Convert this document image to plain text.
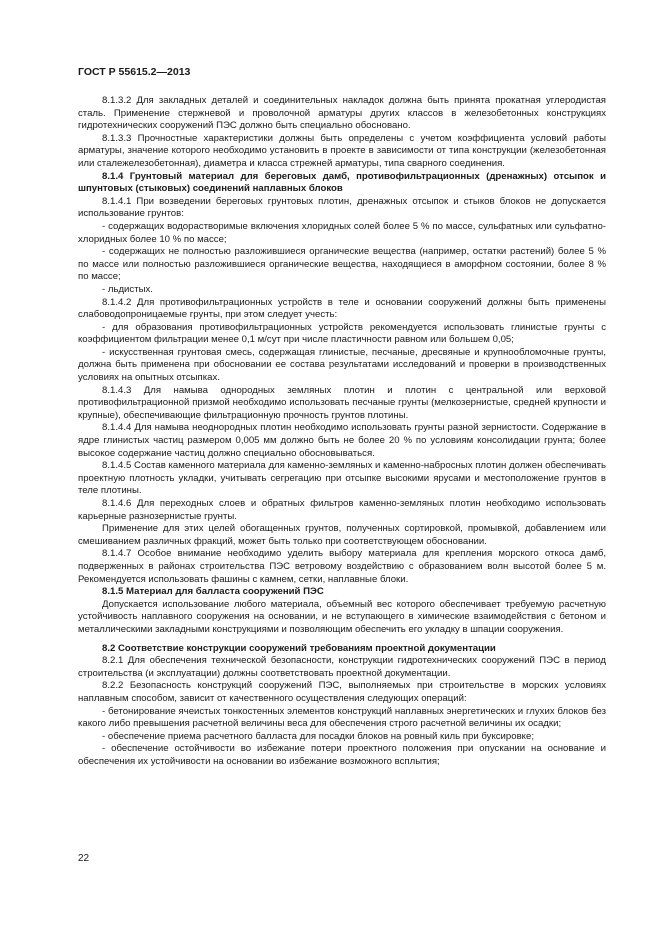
ГОСТ Р 55615.2—2013

8.1.3.2 Для закладных деталей и соединительных накладок должна быть принята прокатная углеродистая сталь. Применение стержневой и проволочной арматуры других классов в железобетонных конструкциях гидротехнических сооружений ПЭС должно быть специально обосновано.

8.1.3.3 Прочностные характеристики должны быть определены с учетом коэффициента условий работы арматуры, значение которого необходимо установить в проекте в зависимости от типа конструкции (железобетонная или сталежелезобетонная), диаметра и класса стрежней арматуры, типа сварного соединения.

8.1.4 Грунтовый материал для береговых дамб, противофильтрационных (дренажных) отсыпок и шпунтовых (стыковых) соединений наплавных блоков

8.1.4.1 При возведении береговых грунтовых плотин, дренажных отсыпок и стыков блоков не допускается использование грунтов:

- содержащих водорастворимые включения хлоридных солей более 5 % по массе, сульфатных или сульфатно-хлоридных более 10 % по массе;

- содержащих не полностью разложившиеся органические вещества (например, остатки растений) более 5 % по массе или полностью разложившиеся органические вещества, находящиеся в аморфном состоянии, более 8 % по массе;

- льдистых.

8.1.4.2 Для противофильтрационных устройств в теле и основании сооружений должны быть применены слабоводопроницаемые грунты, при этом следует учесть:

- для образования противофильтрационных устройств рекомендуется использовать глинистые грунты с коэффициентом фильтрации менее 0,1 м/сут при числе пластичности равном или большем 0,05;

- искусственная грунтовая смесь, содержащая глинистые, песчаные, дресвяные и крупнообломочные грунты, должна быть применена при обосновании ее состава результатами исследований и проверки в производственных условиях на опытных отсыпках.

8.1.4.3 Для намыва однородных земляных плотин и плотин с центральной или верховой противофильтрационной призмой необходимо использовать песчаные грунты (мелкозернистые, средней крупности и крупные), обеспечивающие фильтрационную прочность грунтов плотины.

8.1.4.4 Для намыва неоднородных плотин необходимо использовать грунты разной зернистости. Содержание в ядре глинистых частиц размером 0,005 мм должно быть не более 20 % по условиям консолидации грунта; более высокое содержание частиц должно специально обосновываться.

8.1.4.5 Состав каменного материала для каменно-земляных и каменно-набросных плотин должен обеспечивать проектную плотность укладки, учитывать сегрегацию при отсыпке высокими ярусами и местоположение грунтов в теле плотины.

8.1.4.6 Для переходных слоев и обратных фильтров каменно-земляных плотин необходимо использовать карьерные разнозернистые грунты.

Применение для этих целей обогащенных грунтов, полученных сортировкой, промывкой, добавлением или смешиванием различных фракций, может быть только при соответствующем обосновании.

8.1.4.7 Особое внимание необходимо уделить выбору материала для крепления морского откоса дамб, подверженных в районах строительства ПЭС ветровому воздействию с образованием волн высотой более 5 м. Рекомендуется использовать фашины с камнем, сетки, наплавные блоки.

8.1.5 Материал для балласта сооружений ПЭС

Допускается использование любого материала, объемный вес которого обеспечивает требуемую расчетную устойчивость наплавного сооружения на основании, и не вступающего в химические взаимодействия с бетоном и металлическими закладными конструкциями и позволяющим обеспечить его укладку в шпации сооружения.

8.2 Соответствие конструкции сооружений требованиям проектной документации

8.2.1 Для обеспечения технической безопасности, конструкции гидротехнических сооружений ПЭС в период строительства (и эксплуатации) должны соответствовать проектной документации.

8.2.2 Безопасность конструкций сооружений ПЭС, выполняемых при строительстве в морских условиях наплавным способом, зависит от качественного осуществления следующих операций:

- бетонирование ячеистых тонкостенных элементов конструкций наплавных энергетических и глухих блоков без какого либо превышения расчетной величины веса для обеспечения строго расчетной величины их осадки;

- обеспечение приема расчетного балласта для посадки блоков на ровный киль при буксировке;

- обеспечение остойчивости во избежание потери проектного положения при опускании на основание и обеспечения их устойчивости на основании во избежание возможного всплытия;

22
